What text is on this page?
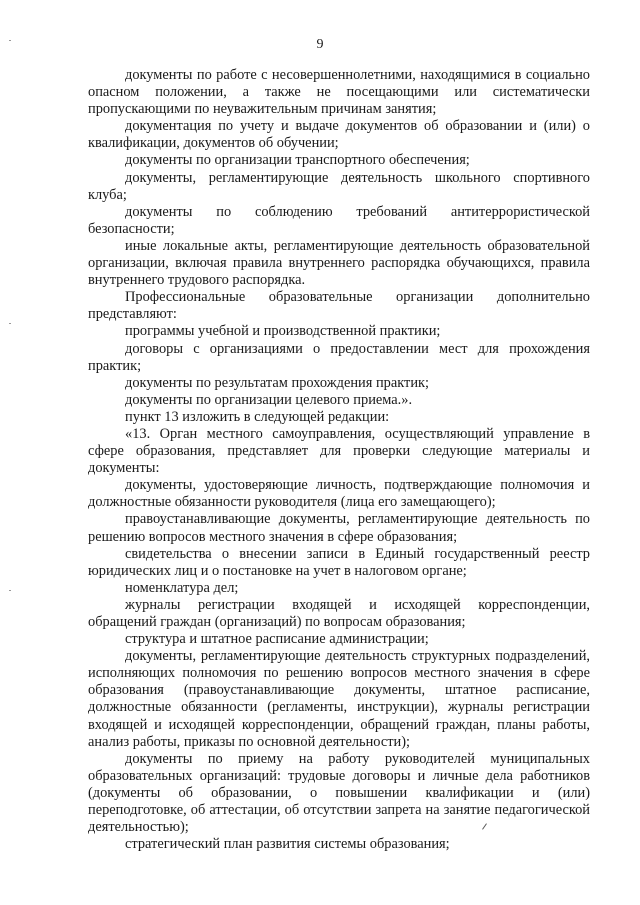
9

документы по работе с несовершеннолетними, находящимися в социально опасном положении, а также не посещающими или систематически пропускающими по неуважительным причинам занятия;

документация по учету и выдаче документов об образовании и (или) о квалификации, документов об обучении;

документы по организации транспортного обеспечения;

документы, регламентирующие деятельность школьного спортивного клуба;

документы по соблюдению требований антитеррористической безопасности;

иные локальные акты, регламентирующие деятельность образовательной организации, включая правила внутреннего распорядка обучающихся, правила внутреннего трудового распорядка.

Профессиональные образовательные организации дополнительно представляют:

программы учебной и производственной практики;

договоры с организациями о предоставлении мест для прохождения практик;

документы по результатам прохождения практик;

документы по организации целевого приема.».

пункт 13 изложить в следующей редакции:

«13. Орган местного самоуправления, осуществляющий управление в сфере образования, представляет для проверки следующие материалы и документы:

документы, удостоверяющие личность, подтверждающие полномочия и должностные обязанности руководителя (лица его замещающего);

правоустанавливающие документы, регламентирующие деятельность по решению вопросов местного значения в сфере образования;

свидетельства о внесении записи в Единый государственный реестр юридических лиц и о постановке на учет в налоговом органе;

номенклатура дел;

журналы регистрации входящей и исходящей корреспонденции, обращений граждан (организаций) по вопросам образования;

структура и штатное расписание администрации;

документы, регламентирующие деятельность структурных подразделений, исполняющих полномочия по решению вопросов местного значения в сфере образования (правоустанавливающие документы, штатное расписание, должностные обязанности (регламенты, инструкции), журналы регистрации входящей и исходящей корреспонденции, обращений граждан, планы работы, анализ работы, приказы по основной деятельности);

документы по приему на работу руководителей муниципальных образовательных организаций: трудовые договоры и личные дела работников (документы об образовании, о повышении квалификации и (или) переподготовке, об аттестации, об отсутствии запрета на занятие педагогической деятельностью);

стратегический план развития системы образования;
